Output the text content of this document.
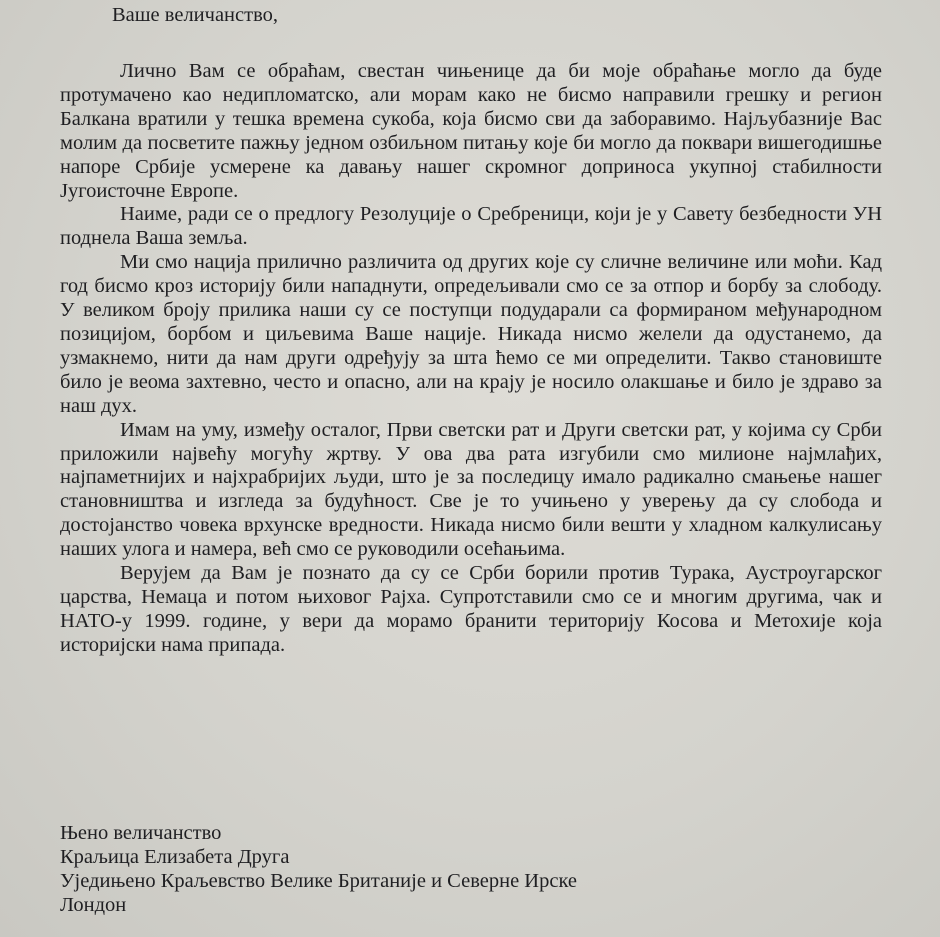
Ваше величанство,

Лично Вам се обраћам, свестан чињенице да би моје обраћање могло да буде протумачено као недипломатско, али морам како не бисмо направили грешку и регион Балкана вратили у тешка времена сукоба, која бисмо сви да заборавимо. Најљубазније Вас молим да посветите пажњу једном озбиљном питању које би могло да поквари вишегодишње напоре Србије усмерене ка давању нашег скромног доприноса укупној стабилности Југоисточне Европе.

Наиме, ради се о предлогу Резолуције о Сребреници, који је у Савету безбедности УН поднела Ваша земља.

Ми смо нација прилично различита од других које су сличне величине или моћи. Кад год бисмо кроз историју били нападнути, опредељивали смо се за отпор и борбу за слободу. У великом броју прилика наши су се поступци подударали са формираном међународном позицијом, борбом и циљевима Ваше нације. Никада нисмо желели да одустанемо, да узмакнемо, нити да нам други одређују за шта ћемо се ми определити. Такво становиште било је веома захтевно, често и опасно, али на крају је носило олакшање и било је здраво за наш дух.

Имам на уму, између осталог, Први светски рат и Други светски рат, у којима су Срби приложили највећу могућу жртву. У ова два рата изгубили смо милионе најмлађих, најпаметнијих и најхрабријих људи, што је за последицу имало радикално смањење нашег становништва и изгледа за будућност. Све је то учињено у уверењу да су слобода и достојанство човека врхунске вредности. Никада нисмо били вешти у хладном калкулисању наших улога и намера, већ смо се руководили осећањима.

Верујем да Вам је познато да су се Срби борили против Турака, Аустроугарског царства, Немаца и потом њиховог Рајха. Супротставили смо се и многим другима, чак и НАТО-у 1999. године, у вери да морамо бранити територију Косова и Метохије која историјски нама припада.

Њено величанство
Краљица Елизабета Друга
Уједињено Краљевство Велике Британије и Северне Ирске
Лондон
